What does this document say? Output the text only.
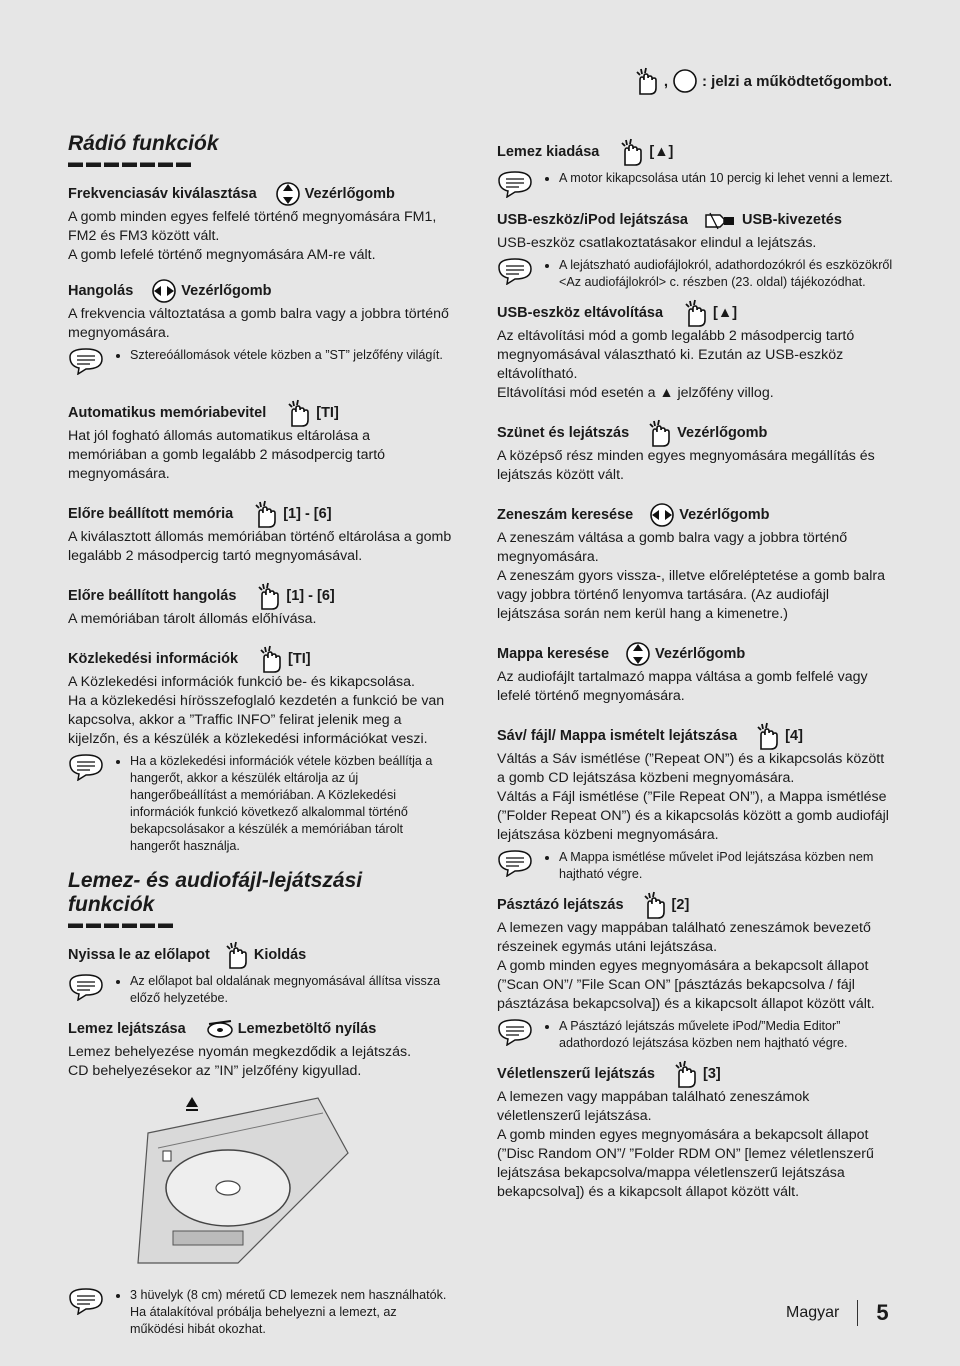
, : jelzi a működtetőgombot.
Rádió funkciók
▬▬▬▬▬▬▬
Frekvenciasáv kiválasztása	Vezérlőgomb

A gomb minden egyes felfelé történő megnyomására FM1, FM2 és FM3 között vált.

A gomb lefelé történő megnyomására AM-re vált.

Hangolás	Vezérlőgomb

A frekvencia változtatása a gomb balra vagy a jobbra történő megnyomására.

• Sztereóállomások vétele közben a ”ST” jelzőfény világít.
Automatikus memóriabevitel	[TI]

Hat jól fogható állomás automatikus eltárolása a memóriában a gomb legalább 2 másodpercig tartó megnyomására.

Előre beállított memória	[1] - [6]

A kiválasztott állomás memóriában történő eltárolása a gomb legalább 2 másodpercig tartó megnyomásával.

Előre beállított hangolás	[1] - [6]

A memóriában tárolt állomás előhívása.

Közlekedési információk	[TI]

A Közlekedési információk funkció be- és kikapcsolása.

Ha a közlekedési hírösszefoglaló kezdetén a funkció be van kapcsolva, akkor a ”Traffic INFO” felirat jelenik meg a kijelzőn, és a készülék a közlekedési információkat veszi.

• Ha a közlekedési információk vétele közben beállítja a hangerőt, akkor a készülék eltárolja az új hangerőbeállítást a memóriában. A Közlekedési információk funkció következő alkalommal történő bekapcsolásakor a készülék a memóriában tárolt hangerőt használja.
Lemez- és audiofájl-lejátszási funkciók
▬▬▬▬▬▬
Nyissa le az előlapot	Kioldás
• Az előlapot bal oldalának megnyomásával állítsa vissza előző helyzetébe.
Lemez lejátszása	Lemezbetöltő nyílás

Lemez behelyezése nyomán megkezdődik a lejátszás.

CD behelyezésekor az ”IN” jelzőfény kigyullad.

• 3 hüvelyk (8 cm) méretű CD lemezek nem használhatók. Ha átalakítóval próbálja behelyezni a lemezt, az működési hibát okozhat.
Lemez kiadása	[▲]
• A motor kikapcsolása után 10 percig ki lehet venni a lemezt.
USB-eszköz/iPod lejátszása	USB-kivezetés

USB-eszköz csatlakoztatásakor elindul a lejátszás.

• A lejátszható audiofájlokról, adathordozókról és eszközökről <Az audiofájlokról> c. részben (23. oldal) tájékozódhat.
USB-eszköz eltávolítása	[▲]

Az eltávolítási mód a gomb legalább 2 másodpercig tartó megnyomásával választható ki. Ezután az USB-eszköz eltávolítható.

Eltávolítási mód esetén a ▲ jelzőfény villog.

Szünet és lejátszás	Vezérlőgomb

A középső rész minden egyes megnyomására megállítás és lejátszás között vált.

Zeneszám keresése	Vezérlőgomb

A zeneszám váltása a gomb balra vagy a jobbra történő megnyomására.

A zeneszám gyors vissza-, illetve előreléptetése a gomb balra vagy jobbra történő lenyomva tartására. (Az audiofájl lejátszása során nem kerül hang a kimenetre.)

Mappa keresése	Vezérlőgomb

Az audiofájlt tartalmazó mappa váltása a gomb felfelé vagy lefelé történő megnyomására.

Sáv/ fájl/ Mappa ismételt lejátszása	[4]

Váltás a Sáv ismétlése (”Repeat ON”) és a kikapcsolás között a gomb CD lejátszása közbeni megnyomására.

Váltás a Fájl ismétlése (”File Repeat ON”), a Mappa ismétlése (”Folder Repeat ON”) és a kikapcsolás között a gomb audiofájl lejátszása közbeni megnyomására.

• A Mappa ismétlése művelet iPod lejátszása közben nem hajtható végre.
Pásztázó lejátszás	[2]

A lemezen vagy mappában található zeneszámok bevezető részeinek egymás utáni lejátszása.

A gomb minden egyes megnyomására a bekapcsolt állapot (”Scan ON”/ ”File Scan ON” [pásztázás bekapcsolva / fájl pásztázása bekapcsolva]) és a kikapcsolt állapot között vált.

• A Pásztázó lejátszás művelete iPod/”Media Editor” adathordozó lejátszása közben nem hajtható végre.
Véletlenszerű lejátszás	[3]

A lemezen vagy mappában található zeneszámok véletlenszerű lejátszása.

A gomb minden egyes megnyomására a bekapcsolt állapot (”Disc Random ON”/ ”Folder RDM ON” [lemez véletlenszerű lejátszása bekapcsolva/mappa véletlenszerű lejátszása bekapcsolva]) és a kikapcsolt állapot között vált.

Magyar 5
